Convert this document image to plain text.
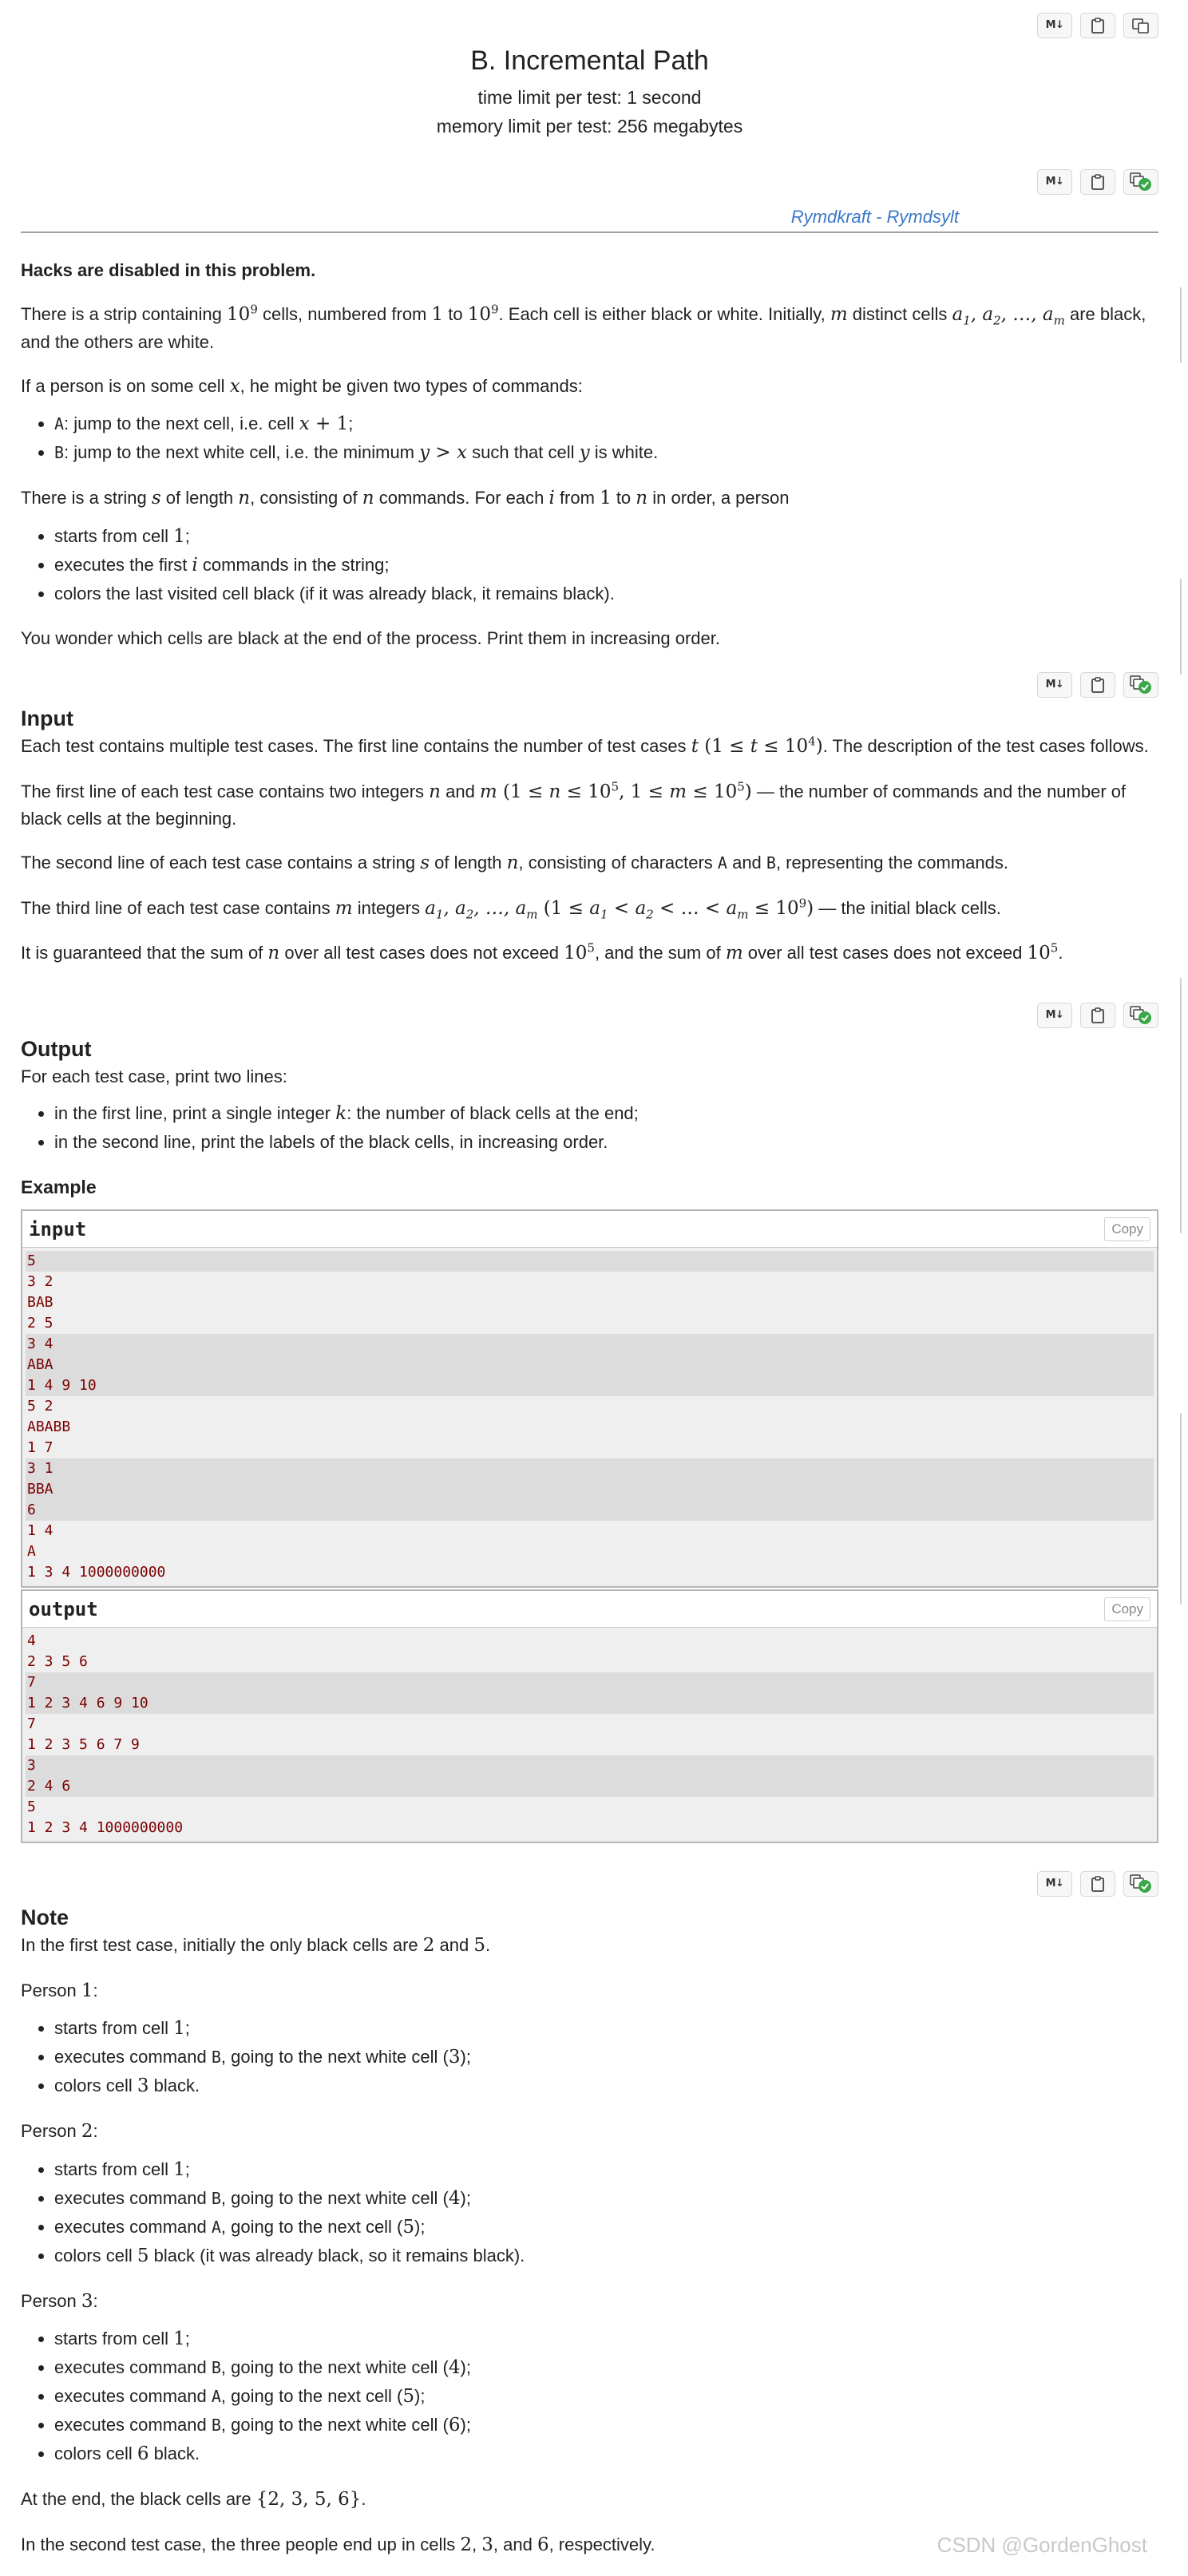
M↓
B. Incremental Path
time limit per test: 1 second
memory limit per test: 256 megabytes
M↓
Rymdkraft - Rymdsylt

Hacks are disabled in this problem.

There is a strip containing $10^9$ cells, numbered from 1 to $10^9$. Each cell is either black or white. Initially, m distinct cells $a_1$, $a_2$, …, $a_m$ are black, and the others are white.

If a person is on some cell x, he might be given two types of commands:

• A: jump to the next cell, i.e. cell x + 1;
• B: jump to the next white cell, i.e. the minimum y > x such that cell y is white.

There is a string s of length n, consisting of n commands. For each i from 1 to n in order, a person

• starts from cell 1;
• executes the first i commands in the string;
• colors the last visited cell black (if it was already black, it remains black).

You wonder which cells are black at the end of the process. Print them in increasing order.

M↓
Input

Each test contains multiple test cases. The first line contains the number of test cases t $(1 \le t \le 10^4)$. The description of the test cases follows.

The first line of each test case contains two integers n and m ($1 \le n \le 10^5$, $1 \le m \le 10^5$) — the number of commands and the number of black cells at the beginning.

The second line of each test case contains a string s of length n, consisting of characters A and B, representing the commands.

The third line of each test case contains m integers $a_1$, $a_2$, …, $a_m$ ($1 \le a_1 < a_2$ < … < $a_m \le 10^9$) — the initial black cells.

It is guaranteed that the sum of n over all test cases does not exceed $10^5$, and the sum of m over all test cases does not exceed $10^5$.

M↓
Output

For each test case, print two lines:

• in the first line, print a single integer k: the number of black cells at the end;
• in the second line, print the labels of the black cells, in increasing order.
Example
input	Copy
5
3 2
BAB
2 5
3 4
ABA
1 4 9 10
5 2
ABABB
1 7
3 1
BBA
6
1 4
A
1 3 4 1000000000
output	Copy
4
2 3 5 6
7
1 2 3 4 6 9 10
7
1 2 3 5 6 7 9
3
2 4 6
5
1 2 3 4 1000000000
M↓
Note

In the first test case, initially the only black cells are 2 and 5.

Person 1:

• starts from cell 1;
• executes command B, going to the next white cell (3);
• colors cell 3 black.

Person 2:

• starts from cell 1;
• executes command B, going to the next white cell (4);
• executes command A, going to the next cell (5);
• colors cell 5 black (it was already black, so it remains black).

Person 3:

• starts from cell 1;
• executes command B, going to the next white cell (4);
• executes command A, going to the next cell (5);
• executes command B, going to the next white cell (6);
• colors cell 6 black.

At the end, the black cells are {2, 3, 5, 6}.

In the second test case, the three people end up in cells 2, 3, and 6, respectively.	CSDN @GordenGhost
